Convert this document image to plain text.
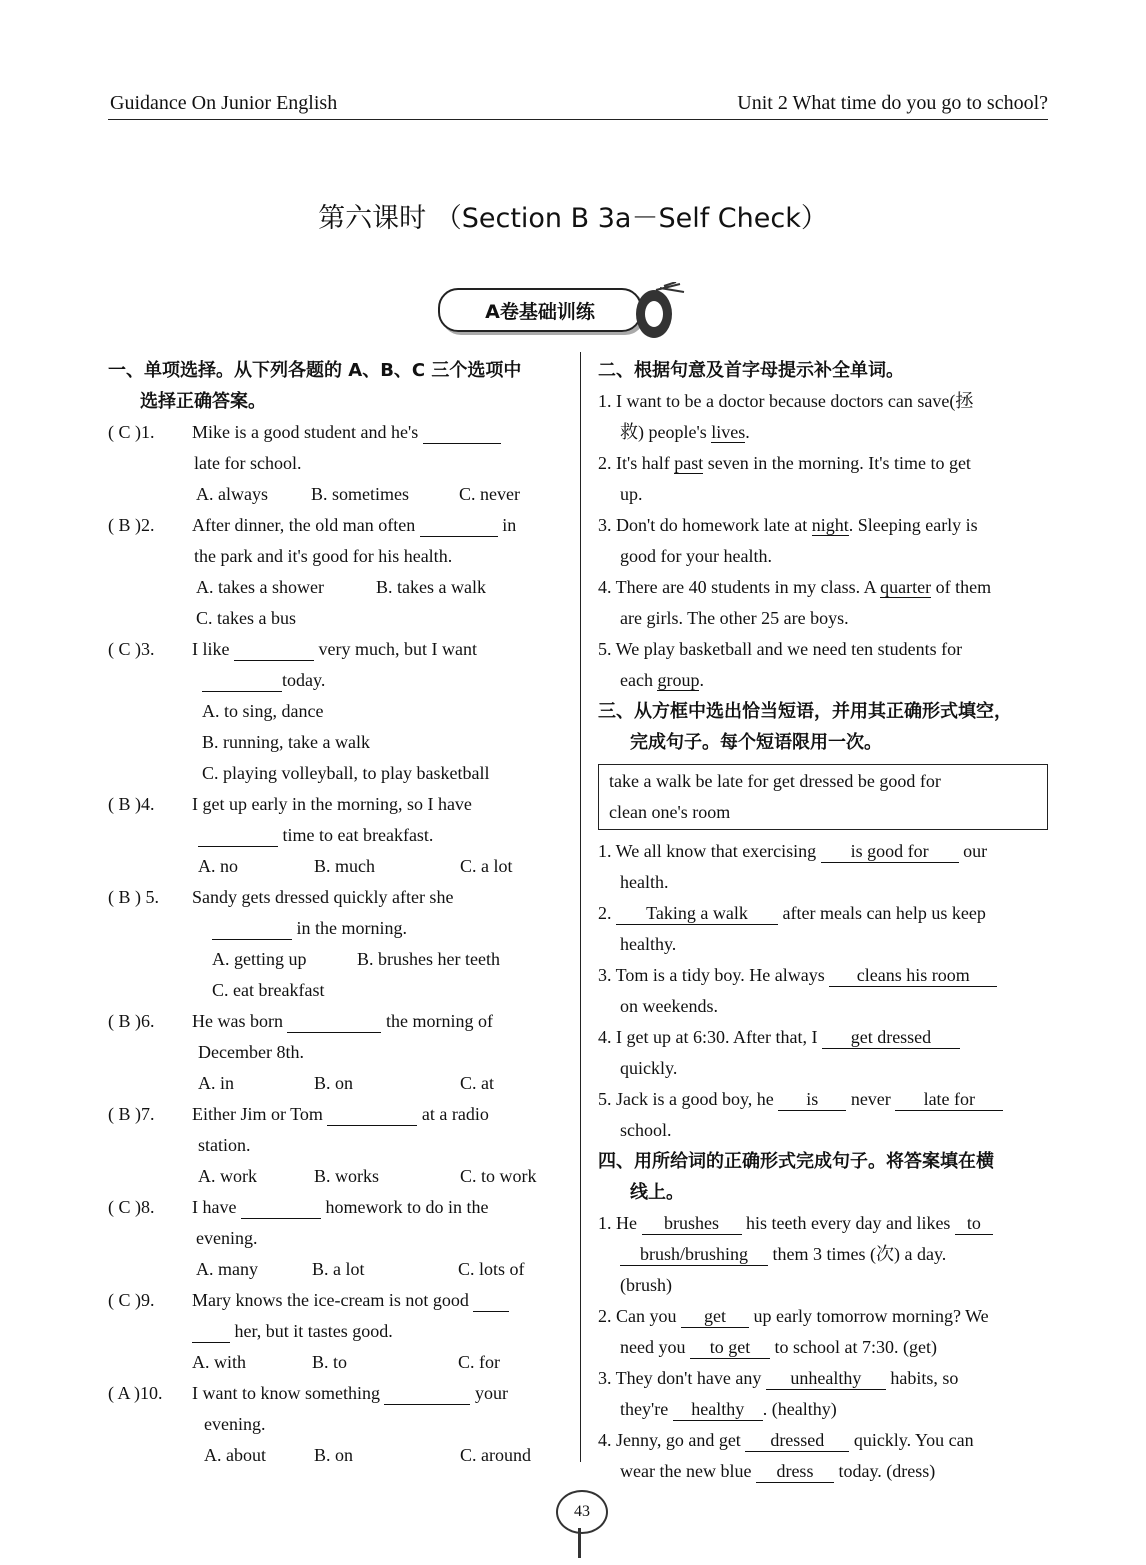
Guidance On Junior English	Unit 2 What time do you go to school?
第六课时 （Section B 3a－Self Check）
A卷基础训练
一、单项选择。从下列各题的 A、B、C 三个选项中
选择正确答案。
( C )1.	Mike is a good student and he's
late for school.
A. always	B. sometimes	C. never
( B )2.	After dinner, the old man often	in
the park and it's good for his health.
A. takes a shower	B. takes a walk
C. takes a bus
( C )3.	I like	very much, but I want
today.
A. to sing, dance
B. running, take a walk
C. playing volleyball, to play basketball
( B )4.	I get up early in the morning, so I have
time to eat breakfast.
A. no	B. much	C. a lot
( B ) 5.	Sandy gets dressed quickly after she
in the morning.
A. getting up	B. brushes her teeth
C. eat breakfast
( B )6.	He was born	the morning of
December 8th.
A. in	B. on	C. at
( B )7.	Either Jim or Tom	at a radio
station.
A. work	B. works	C. to work
( C )8.	I have	homework to do in the
evening.
A. many	B. a lot	C. lots of
( C )9.	Mary knows the ice-cream is not good
her, but it tastes good.
A. with	B. to	C. for
( A )10.	I want to know something	your
evening.
A. about	B. on	C. around
二、根据句意及首字母提示补全单词。
1. I want to be a doctor because doctors can save(拯
救) people's lives.
2. It's half past seven in the morning. It's time to get
up.
3. Don't do homework late at night. Sleeping early is
good for your health.
4. There are 40 students in my class. A quarter of them
are girls. The other 25 are boys.
5. We play basketball and we need ten students for
each group.
三、从方框中选出恰当短语，并用其正确形式填空，
完成句子。每个短语限用一次。
take a walk be late for get dressed be good for
clean one's room
1. We all know that exercising is good for our
health.
2. Taking a walk after meals can help us keep
healthy.
3. Tom is a tidy boy. He always cleans his room
on weekends.
4. I get up at 6:30. After that, I get dressed
quickly.
5. Jack is a good boy, he is never late for
school.
四、用所给词的正确形式完成句子。将答案填在横
线上。
1. He brushes his teeth every day and likes to
brush/brushing them 3 times (次) a day.
(brush)
2. Can you get up early tomorrow morning? We
need you to get to school at 7:30. (get)
3. They don't have any unhealthy habits, so
they're healthy . (healthy)
4. Jenny, go and get dressed quickly. You can
wear the new blue dress today. (dress)
43
